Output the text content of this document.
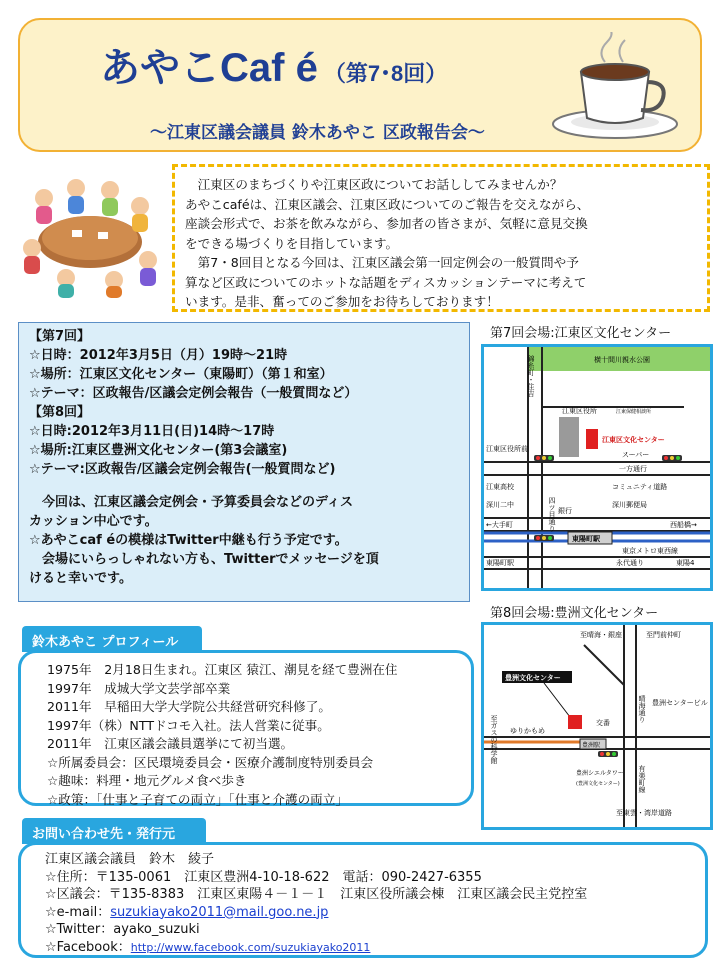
あやこCaf é （第7･8回）
～江東区議会議員 鈴木あやこ 区政報告会～

　江東区のまちづくりや江東区政についてお話ししてみませんか？

あやこcaféは、江東区議会、江東区政についてのご報告を交えながら、

座談会形式で、お茶を飲みながら、参加者の皆さまが、気軽に意見交換

をできる場づくりを目指しています。

　第7・8回目となる今回は、江東区議会第一回定例会の一般質問や予

算など区政についてのホットな話題をディスカッションテーマに考えて

います。是非、奮ってのご参加をお待ちしております！

【第7回】
☆日時：2012年3月5日（月）19時～21時
☆場所：江東区文化センター（東陽町）（第１和室）
☆テーマ：区政報告/区議会定例会報告（一般質問など）
【第8回】
☆日時:2012年3月11日(日)14時～17時
☆場所:江東区豊洲文化センター(第3会議室)
☆テーマ:区政報告/区議会定例会報告(一般質問など)
　今回は、江東区議会定例会・予算委員会などのディス
カッション中心です。
☆あやこcaf éの模様はTwitter中継も行う予定です。
　会場にいらっしゃれない方も、Twitterでメッセージを頂
けると幸いです。
第7回会場:江東区文化センター
横十間川親水公園
錦糸町・住吉
江東区役所	江東保健相談所
江東区文化センター
スーパー
一方通行
江東区役所前
江東高校
深川二中
コミュニティ道路
深川郵便局
四ツ目通り 銀行
←大手町	西船橋→
東陽町駅
東京メトロ東西線
永代通り	東陽4
東陽町駅
第8回会場:豊洲文化センター
至晴海・銀座	至門前仲町
ゆりかもめ
豊洲駅
豊洲文化センター
晴海通り 豊洲センタービル
交番
至ガスの科学館
有楽町線
豊洲シエルタワー
(豊洲文化センター)
至東雲・湾岸道路
鈴木あやこ プロフィール
1975年　2月18日生まれ。江東区 猿江、潮見を経て豊洲在住
1997年　成城大学文芸学部卒業
2011年　早稲田大学大学院公共経営研究科修了。
1997年（株）NTTドコモ入社。法人営業に従事。
2011年　江東区議会議員選挙にて初当選。
☆所属委員会：区民環境委員会・医療介護制度特別委員会
☆趣味：料理・地元グルメ食べ歩き
☆政策：「仕事と子育ての両立」「仕事と介護の両立」
お問い合わせ先・発行元
江東区議会議員　鈴木　綾子
☆住所：〒135-0061　江東区豊洲4-10-18-622　電話：090-2427-6355
☆区議会：〒135-8383　江東区東陽４－１－１　江東区役所議会棟　江東区議会民主党控室
☆e-mail：suzukiayako2011@mail.goo.ne.jp
☆Twitter：ayako_suzuki
☆Facebook：http://www.facebook.com/suzukiayako2011
